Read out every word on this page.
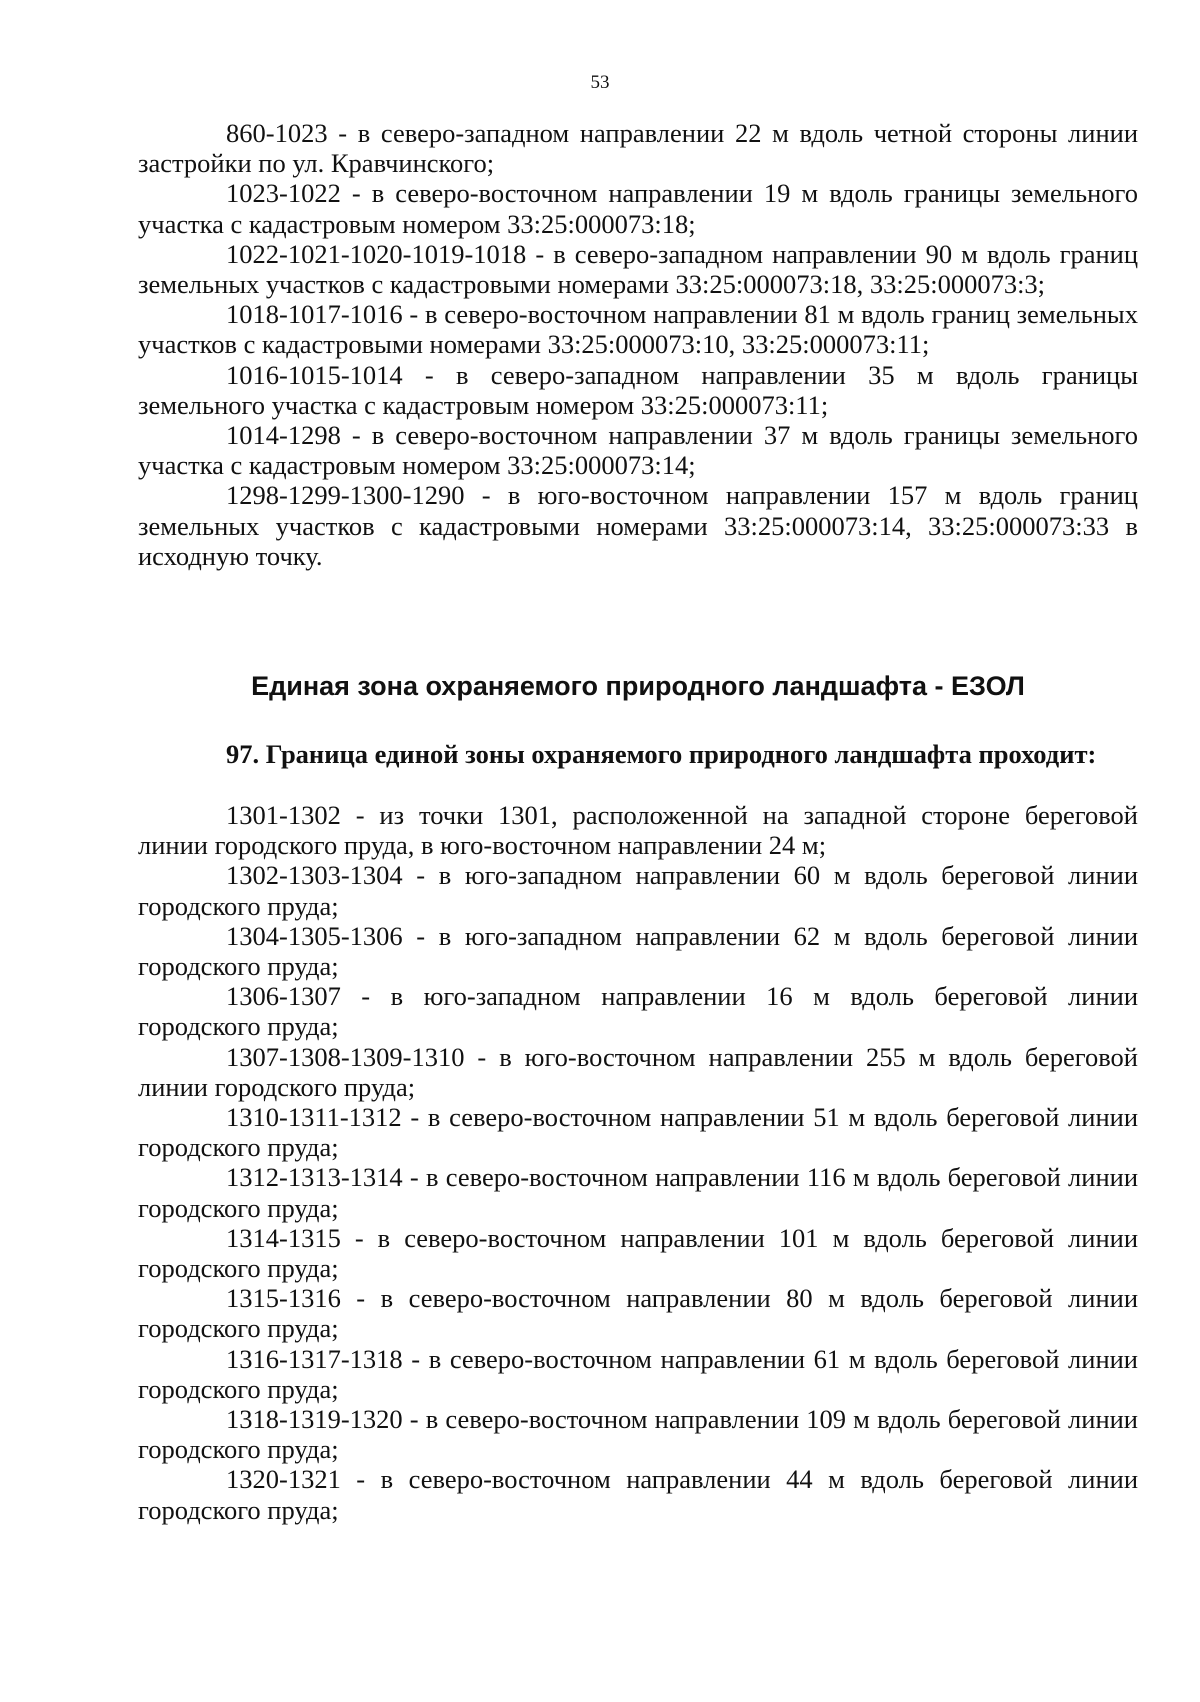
53

860-1023 - в северо-западном направлении 22 м вдоль четной стороны линии застройки по ул. Кравчинского;

1023-1022 - в северо-восточном направлении 19 м вдоль границы земельного участка с кадастровым номером 33:25:000073:18;

1022-1021-1020-1019-1018 - в северо-западном направлении 90 м вдоль границ земельных участков с кадастровыми номерами 33:25:000073:18, 33:25:000073:3;

1018-1017-1016 - в северо-восточном направлении 81 м вдоль границ земельных участков с кадастровыми номерами 33:25:000073:10, 33:25:000073:11;

1016-1015-1014 - в северо-западном направлении 35 м вдоль границы земельного участка с кадастровым номером 33:25:000073:11;

1014-1298 - в северо-восточном направлении 37 м вдоль границы земельного участка с кадастровым номером 33:25:000073:14;

1298-1299-1300-1290 - в юго-восточном направлении 157 м вдоль границ земельных участков с кадастровыми номерами 33:25:000073:14, 33:25:000073:33 в исходную точку.

Единая зона охраняемого природного ландшафта - ЕЗОЛ

97. Граница единой зоны охраняемого природного ландшафта проходит:

1301-1302 - из точки 1301, расположенной на западной стороне береговой линии городского пруда, в юго-восточном направлении 24 м;

1302-1303-1304 - в юго-западном направлении 60 м вдоль береговой линии городского пруда;

1304-1305-1306 - в юго-западном направлении 62 м вдоль береговой линии городского пруда;

1306-1307 - в юго-западном направлении 16 м вдоль береговой линии городского пруда;

1307-1308-1309-1310 - в юго-восточном направлении 255 м вдоль береговой линии городского пруда;

1310-1311-1312 - в северо-восточном направлении 51 м вдоль береговой линии городского пруда;

1312-1313-1314 - в северо-восточном направлении 116 м вдоль береговой линии городского пруда;

1314-1315 - в северо-восточном направлении 101 м вдоль береговой линии городского пруда;

1315-1316 - в северо-восточном направлении 80 м вдоль береговой линии городского пруда;

1316-1317-1318 - в северо-восточном направлении 61 м вдоль береговой линии городского пруда;

1318-1319-1320 - в северо-восточном направлении 109 м вдоль береговой линии городского пруда;

1320-1321 - в северо-восточном направлении 44 м вдоль береговой линии городского пруда;
